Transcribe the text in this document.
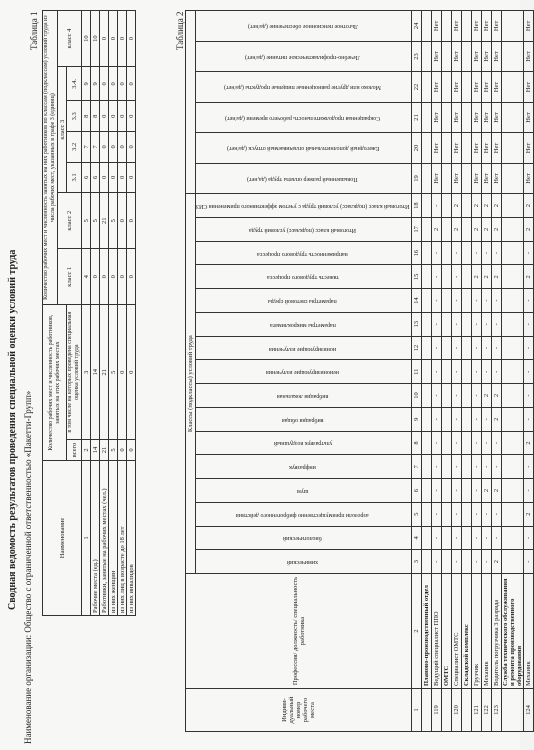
Сводная ведомость результатов проведения специальной оценки условий труда Наименование организации: Общество с ограниченной ответственностью «Пакетти-Групп»
Таблица 1
Наименование	Количество рабочих мест и численность работников, занятых на этих рабочих местах		Количество рабочих мест и численность занятых на них работников по классам (подклассам) условий труда из числа рабочих мест, указанных в графе 3 (единиц)						
			класс 1	класс 2	класс 3				класс 4
	всего	в том числе на которых проведена специальная оценка условий труда			3.1	3.2	3.3	3.4.	
1	2	3	4	5	6	7	8	9	10
Рабочие места (ед.)	14	14	0	5	6	7	8	9	10
Работники, занятые на рабочих местах (чел.)	21	21	0	21	0	0	0	0	0
из них женщин	5	5	0	5	0	0	0	0	0
из них лиц в возрасте до 18 лет	0	0	0	0	0	0	0	0	0
из них инвалидов	0	0	0	0	0	0	0	0	0	Таблица 2
Индиви-дуальный номер рабочего места	Профессия/ должность/ специальность работника	Классы (подклассы) условий труда																					
		химический	биологический	аэрозоли преимущественно фиброгенного действия	шум	инфразвук	ультразвук воздушный	вибрация общая	вибрация локальная	неионизирующие излучения	ионизирующие излучения	параметры микроклимата	параметры световой среды	тяжесть трудового процесса	напряженность трудового процесса	Итоговый класс (подкласс) условий труда	Итоговый класс (подкласс) условий труда с учетом эффективного применения СИЗ	Повышенный размер оплаты труда (да,нет)	Ежегодный дополнительный оплачиваемый отпуск (да/нет)	Сокращенная продолжительность рабочего времени (да/нет)	Молоко или другие равноценные пищевые продукты (да/нет)	Лечебно-профилактическое питание (да/нет)	Льготное пенсионное обеспечение (да/нет)
1	2	3	4	5	6	7	8	9	10	11	12	13	14	15	16	17	18	19	20	21	22	23	24
	Планово-производственный отдел																						
119	Ведущий специалист ППО	-	-	-	-	-	-	-	-	-	-	-	-	-	-	2	-	Нет	Нет	Нет	Нет	Нет	Нет
	ОМТС																						
120	Специалист ОМТС	-	-	-	-	-	-	-	-	-	-	-	-	-	-	2	2	Нет	Нет	Нет	Нет	Нет	Нет
	Складской комплекс																						
121	Грузчик	-	-	-	-	-	-	-	-	-	-	-	-	2	-	2	2	Нет	Нет	Нет	Нет	Нет	Нет
122	Механик	-	-	-	2	-	-	-	2	-	-	-	-	2	-	2	2	Нет	Нет	Нет	Нет	Нет	Нет
123	Водитель погрузчика 3 разряда	2	-	-	2	-	-	2	2	-	-	-	-	2	-	2	2	Нет	Нет	Нет	Нет	Нет	Нет
	Служба технического обслуживания и ремонта производственного оборудования																						
124	Механик	-	-	2	-	-	2	-	-	-	-	-	-	2	-	2	2	Нет	Нет	Нет	Нет	Нет	Нет
